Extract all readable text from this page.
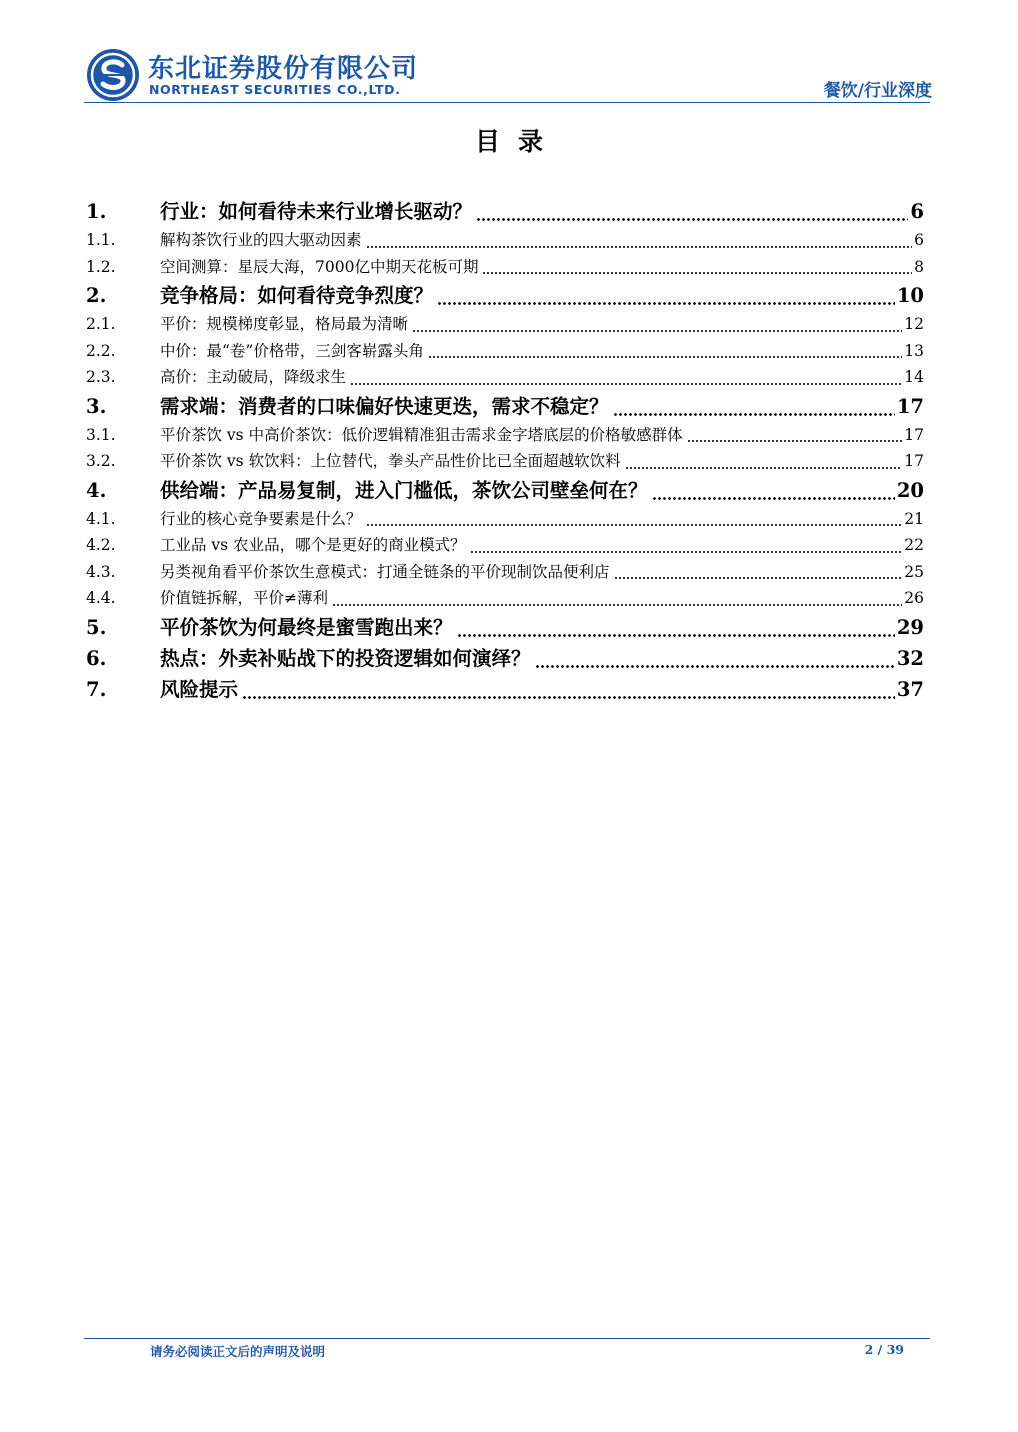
东北证券股份有限公司
NORTHEAST SECURITIES CO.,LTD.	餐饮/行业深度
目录
1.	行业：如何看待未来行业增长驱动？	6
1.1.	解构茶饮行业的四大驱动因素	6
1.2.	空间测算：星辰大海，7000亿中期天花板可期	8
2.	竞争格局：如何看待竞争烈度？	10
2.1.	平价：规模梯度彰显，格局最为清晰	12
2.2.	中价：最“卷”价格带，三剑客崭露头角	13
2.3.	高价：主动破局，降级求生	14
3.	需求端：消费者的口味偏好快速更迭，需求不稳定？	17
3.1.	平价茶饮 vs 中高价茶饮：低价逻辑精准狙击需求金字塔底层的价格敏感群体	17
3.2.	平价茶饮 vs 软饮料：上位替代，拳头产品性价比已全面超越软饮料	17
4.	供给端：产品易复制，进入门槛低，茶饮公司壁垒何在？	20
4.1.	行业的核心竞争要素是什么？	21
4.2.	工业品 vs 农业品，哪个是更好的商业模式？	22
4.3.	另类视角看平价茶饮生意模式：打通全链条的平价现制饮品便利店	25
4.4.	价值链拆解，平价≠薄利	26
5.	平价茶饮为何最终是蜜雪跑出来？	29
6.	热点：外卖补贴战下的投资逻辑如何演绎？	32
7.	风险提示	37
请务必阅读正文后的声明及说明	2 / 39
